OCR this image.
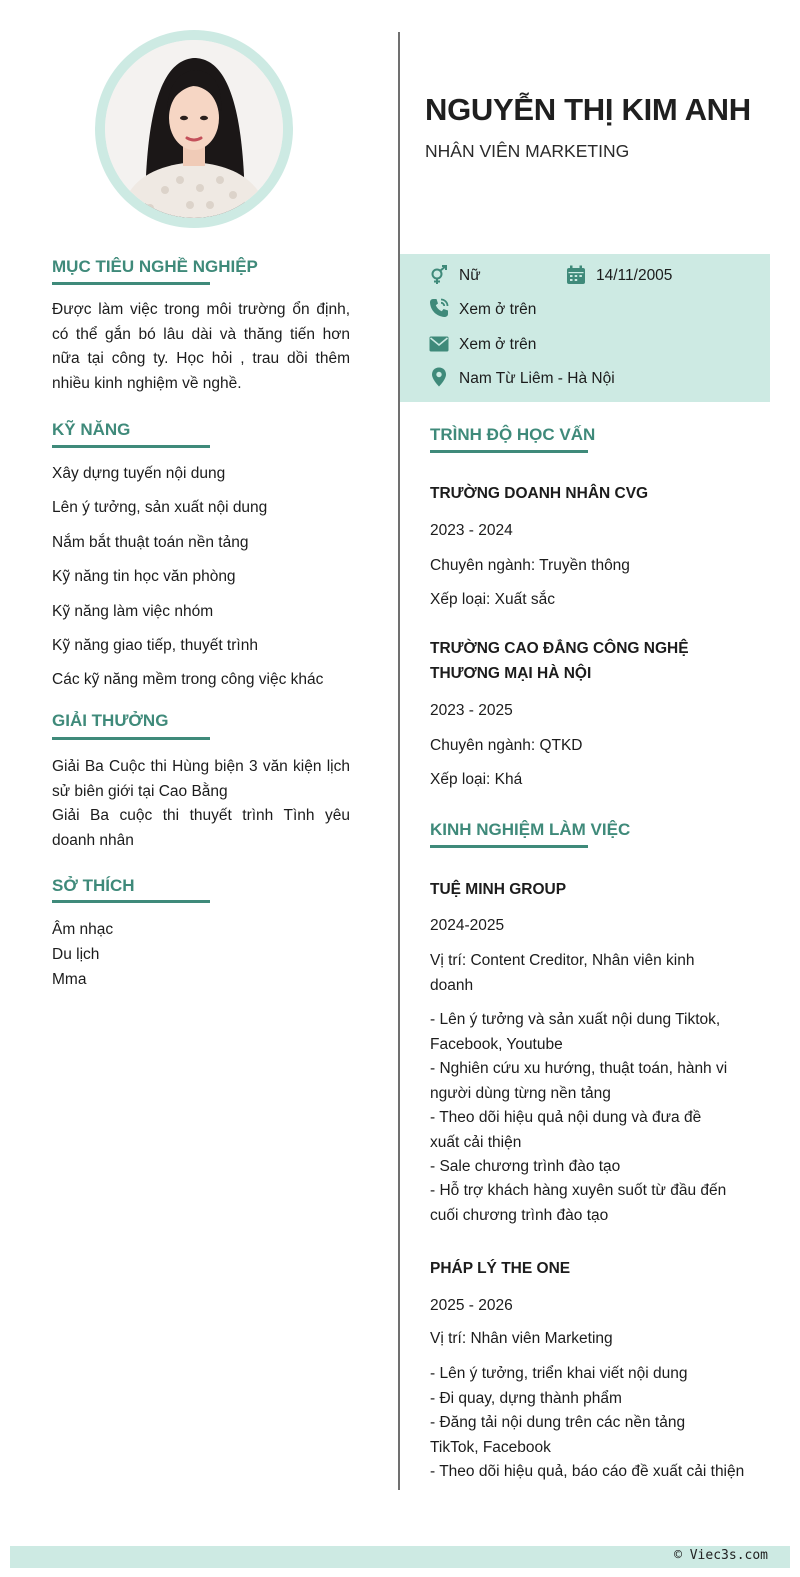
MỤC TIÊU NGHỀ NGHIỆP
Được làm việc trong môi trường ổn định, có thể gắn bó lâu dài và thăng tiến hơn nữa tại công ty. Học hỏi , trau dồi thêm nhiều kinh nghiệm về nghề.
KỸ NĂNG
Xây dựng tuyến nội dung
Lên ý tưởng, sản xuất nội dung
Nắm bắt thuật toán nền tảng
Kỹ năng tin học văn phòng
Kỹ năng làm việc nhóm
Kỹ năng giao tiếp, thuyết trình
Các kỹ năng mềm trong công việc khác
GIẢI THƯỞNG
Giải Ba Cuộc thi Hùng biện 3 văn kiện lịch sử biên giới tại Cao Bằng
Giải Ba cuộc thi thuyết trình Tình yêu doanh nhân
SỞ THÍCH
Âm nhạc
Du lịch
Mma
NGUYỄN THỊ KIM ANH
NHÂN VIÊN MARKETING
Nữ	14/11/2005
Xem ở trên
Xem ở trên
Nam Từ Liêm - Hà Nội
TRÌNH ĐỘ HỌC VẤN
TRƯỜNG DOANH NHÂN CVG
2023 - 2024
Chuyên ngành: Truyền thông
Xếp loại: Xuất sắc
TRƯỜNG CAO ĐẲNG CÔNG NGHỆ THƯƠNG MẠI HÀ NỘI
2023 - 2025
Chuyên ngành: QTKD
Xếp loại: Khá
KINH NGHIỆM LÀM VIỆC
TUỆ MINH GROUP
2024-2025
Vị trí: Content Creditor, Nhân viên kinh doanh
- Lên ý tưởng và sản xuất nội dung Tiktok, Facebook, Youtube
- Nghiên cứu xu hướng, thuật toán, hành vi người dùng từng nền tảng
- Theo dõi hiệu quả nội dung và đưa đề xuất cải thiện
- Sale chương trình đào tạo
- Hỗ trợ khách hàng xuyên suốt từ đầu đến cuối chương trình đào tạo
PHÁP LÝ THE ONE
2025 - 2026
Vị trí: Nhân viên Marketing
- Lên ý tưởng, triển khai viết nội dung
- Đi quay, dựng thành phẩm
- Đăng tải nội dung trên các nền tảng TikTok, Facebook
- Theo dõi hiệu quả, báo cáo đề xuất cải thiện
© Viec3s.com
